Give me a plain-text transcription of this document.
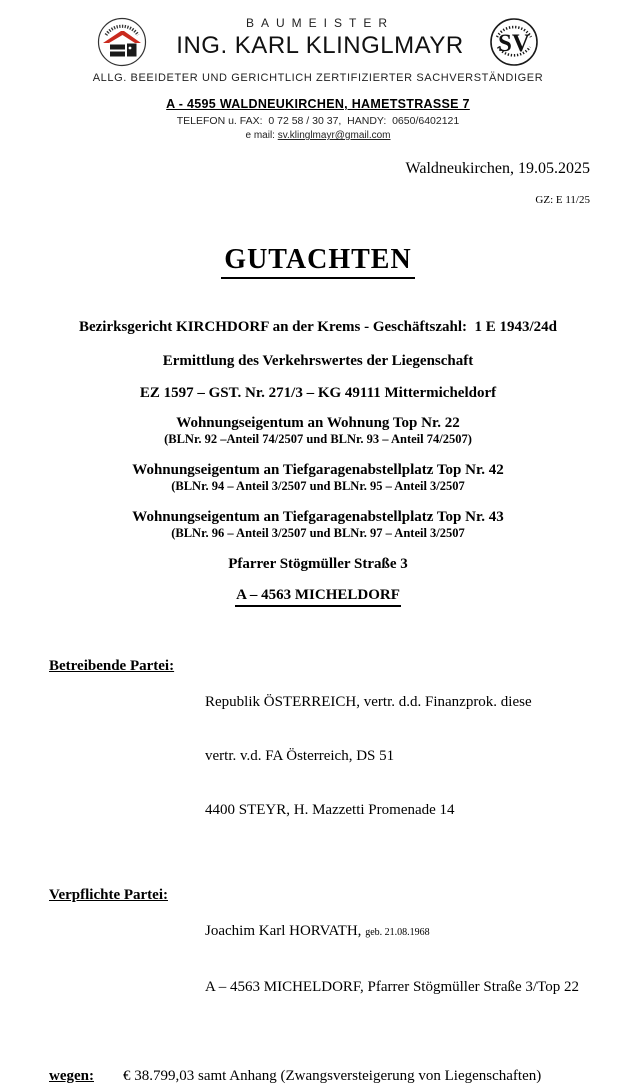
BAUMEISTER
ING. KARL KLINGLMAYR	SV
ALLG. BEEIDETER UND GERICHTLICH ZERTIFIZIERTER SACHVERSTÄNDIGER
A - 4595 WALDNEUKIRCHEN, HAMETSTRASSE 7
TELEFON u. FAX:  0 72 58 / 30 37,  HANDY:  0650/6402121
e mail: sv.klinglmayr@gmail.com
Waldneukirchen, 19.05.2025
GZ: E 11/25
GUTACHTEN
Bezirksgericht KIRCHDORF an der Krems - Geschäftszahl:  1 E 1943/24d
Ermittlung des Verkehrswertes der Liegenschaft
EZ 1597 – GST. Nr. 271/3 – KG 49111 Mittermicheldorf
Wohnungseigentum an Wohnung Top Nr. 22
(BLNr. 92 –Anteil 74/2507 und BLNr. 93 – Anteil 74/2507)
Wohnungseigentum an Tiefgaragenabstellplatz Top Nr. 42
(BLNr. 94 – Anteil 3/2507 und BLNr. 95 – Anteil 3/2507
Wohnungseigentum an Tiefgaragenabstellplatz Top Nr. 43
(BLNr. 96 – Anteil 3/2507 und BLNr. 97 – Anteil 3/2507
Pfarrer Stögmüller Straße 3
A – 4563 MICHELDORF
Betreibende Partei:

Republik ÖSTERREICH, vertr. d.d. Finanzprok. diese

vertr. v.d. FA Österreich, DS 51

4400 STEYR, H. Mazzetti Promenade 14

Verpflichte Partei:

Joachim Karl HORVATH, geb. 21.08.1968

A – 4563 MICHELDORF, Pfarrer Stögmüller Straße 3/Top 22

wegen:	€ 38.799,03 samt Anhang (Zwangsversteigerung von Liegenschaften)
